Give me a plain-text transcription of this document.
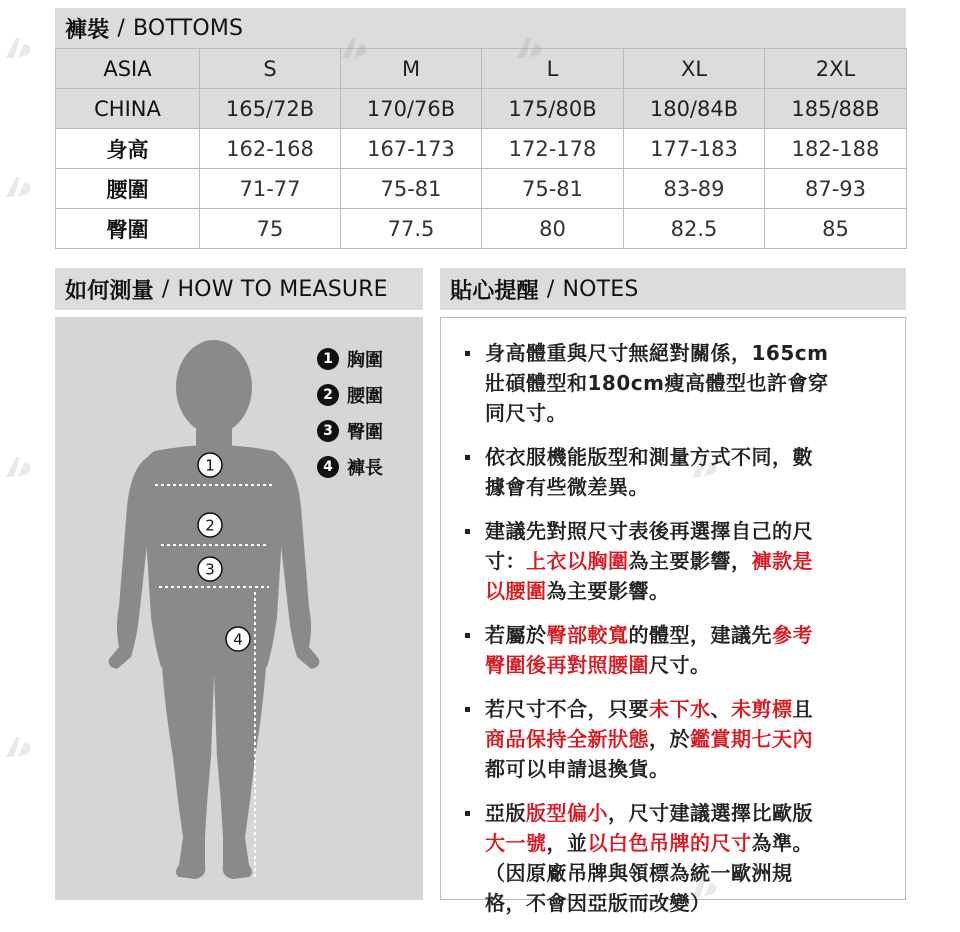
褲裝 / BOTTOMS
ASIA	S	M	L	XL	2XL
CHINA	165/72B	170/76B	175/80B	180/84B	185/88B
身高	162-168	167-173	172-178	177-183	182-188
腰圍	71-77	75-81	75-81	83-89	87-93
臀圍	75	77.5	80	82.5	85
如何測量 / HOW TO MEASURE	貼心提醒 / NOTES
1
2
3
4
1 胸圍
2 腰圍
3 臀圍
4 褲長

身高體重與尺寸無絕對關係，165cm
壯碩體型和180cm瘦高體型也許會穿
同尺寸。

依衣服機能版型和測量方式不同，數
據會有些微差異。

建議先對照尺寸表後再選擇自己的尺
寸：上衣以胸圍為主要影響，褲款是
以腰圍為主要影響。

若屬於臀部較寬的體型，建議先參考
臀圍後再對照腰圍尺寸。

若尺寸不合，只要未下水、未剪標且
商品保持全新狀態，於鑑賞期七天內
都可以申請退換貨。

亞版版型偏小，尺寸建議選擇比歐版
大一號，並以白色吊牌的尺寸為準。
（因原廠吊牌與領標為統一歐洲規
格，不會因亞版而改變）
